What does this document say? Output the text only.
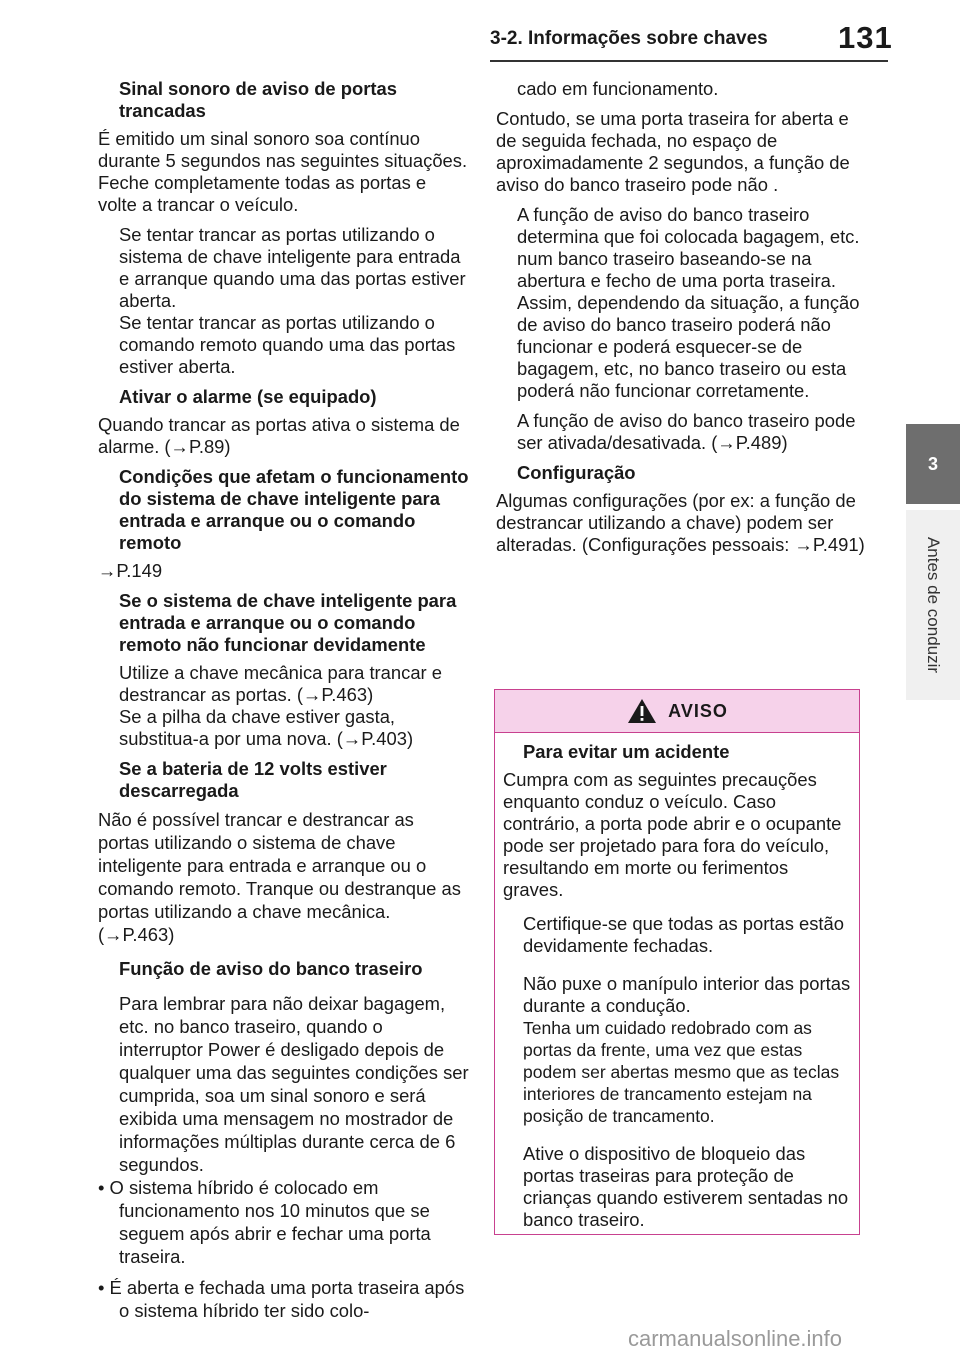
3-2. Informações sobre chaves 131
3
Antes de conduzir
Sinal sonoro de aviso de portas trancadas

É emitido um sinal sonoro soa contínuo durante 5 segundos nas seguintes situações. Feche completamente todas as portas e volte a trancar o veículo.

Se tentar trancar as portas utilizando o sistema de chave inteligente para entrada e arranque quando uma das portas estiver aberta.

Se tentar trancar as portas utilizando o comando remoto quando uma das portas estiver aberta.

Ativar o alarme (se equipado)

Quando trancar as portas ativa o sistema de alarme. (→P.89)

Condições que afetam o funcionamento do sistema de chave inteligente para entrada e arranque ou o comando remoto

→P.149

Se o sistema de chave inteligente para entrada e arranque ou o comando remoto não funcionar devidamente

Utilize a chave mecânica para trancar e destrancar as portas. (→P.463)

Se a pilha da chave estiver gasta, substitua-a por uma nova. (→P.403)

Se a bateria de 12 volts estiver descarregada

Não é possível trancar e destrancar as portas utilizando o sistema de chave inteligente para entrada e arranque ou o comando remoto. Tranque ou destranque as portas utilizando a chave mecânica. (→P.463)

Função de aviso do banco traseiro

Para lembrar para não deixar bagagem, etc. no banco traseiro, quando o interruptor Power é desligado depois de qualquer uma das seguintes condições ser cumprida, soa um sinal sonoro e será exibida uma mensagem no mostrador de informações múltiplas durante cerca de 6 segundos.

• O sistema híbrido é colocado em funcionamento nos 10 minutos que se seguem após abrir e fechar uma porta traseira.

• É aberta e fechada uma porta traseira após o sistema híbrido ter sido colo-

cado em funcionamento.

Contudo, se uma porta traseira for aberta e de seguida fechada, no espaço de aproximadamente 2 segundos, a função de aviso do banco traseiro pode não .

A função de aviso do banco traseiro determina que foi colocada bagagem, etc. num banco traseiro baseando-se na abertura e fecho de uma porta traseira. Assim, dependendo da situação, a função de aviso do banco traseiro poderá não funcionar e poderá esquecer-se de bagagem, etc, no banco traseiro ou esta poderá não funcionar corretamente.

A função de aviso do banco traseiro pode ser ativada/desativada. (→P.489)

Configuração

Algumas configurações (por ex: a função de destrancar utilizando a chave) podem ser alteradas. (Configurações pessoais: →P.491)

AVISO
Para evitar um acidente

Cumpra com as seguintes precauções enquanto conduz o veículo. Caso contrário, a porta pode abrir e o ocupante pode ser projetado para fora do veículo, resultando em morte ou ferimentos graves.

Certifique-se que todas as portas estão devidamente fechadas.

Não puxe o manípulo interior das portas durante a condução.

Tenha um cuidado redobrado com as portas da frente, uma vez que estas podem ser abertas mesmo que as teclas interiores de trancamento estejam na posição de trancamento.

Ative o dispositivo de bloqueio das portas traseiras para proteção de crianças quando estiverem sentadas no banco traseiro.

carmanualsonline.info
